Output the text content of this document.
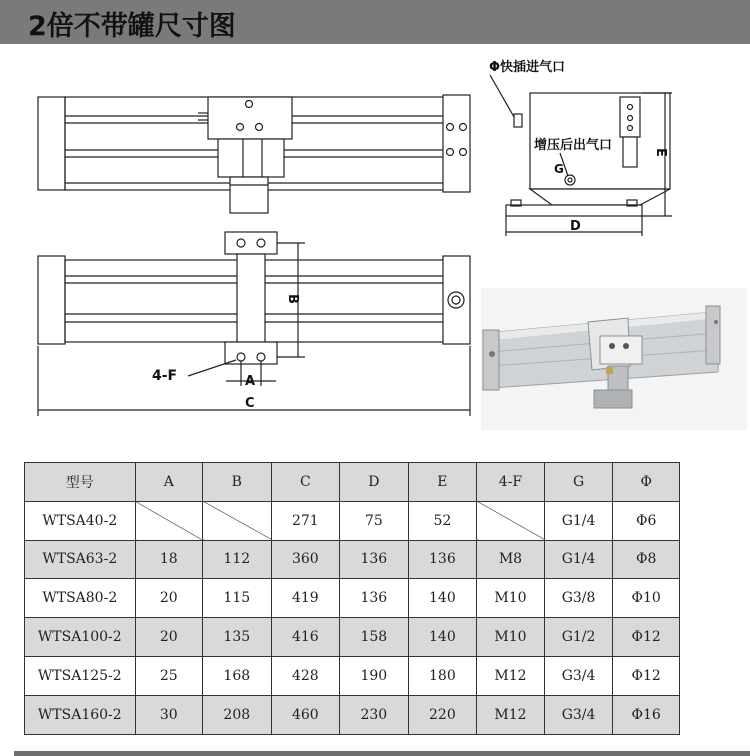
2倍不带罐尺寸图
B
A
C
4-F
D
E
G
Φ快插进气口
增压后出气口
型号	A	B	C	D	E	4-F	G	Φ
WTSA40-2			271	75	52		G1/4	Φ6
WTSA63-2	18	112	360	136	136	M8	G1/4	Φ8
WTSA80-2	20	115	419	136	140	M10	G3/8	Φ10
WTSA100-2	20	135	416	158	140	M10	G1/2	Φ12
WTSA125-2	25	168	428	190	180	M12	G3/4	Φ12
WTSA160-2	30	208	460	230	220	M12	G3/4	Φ16
